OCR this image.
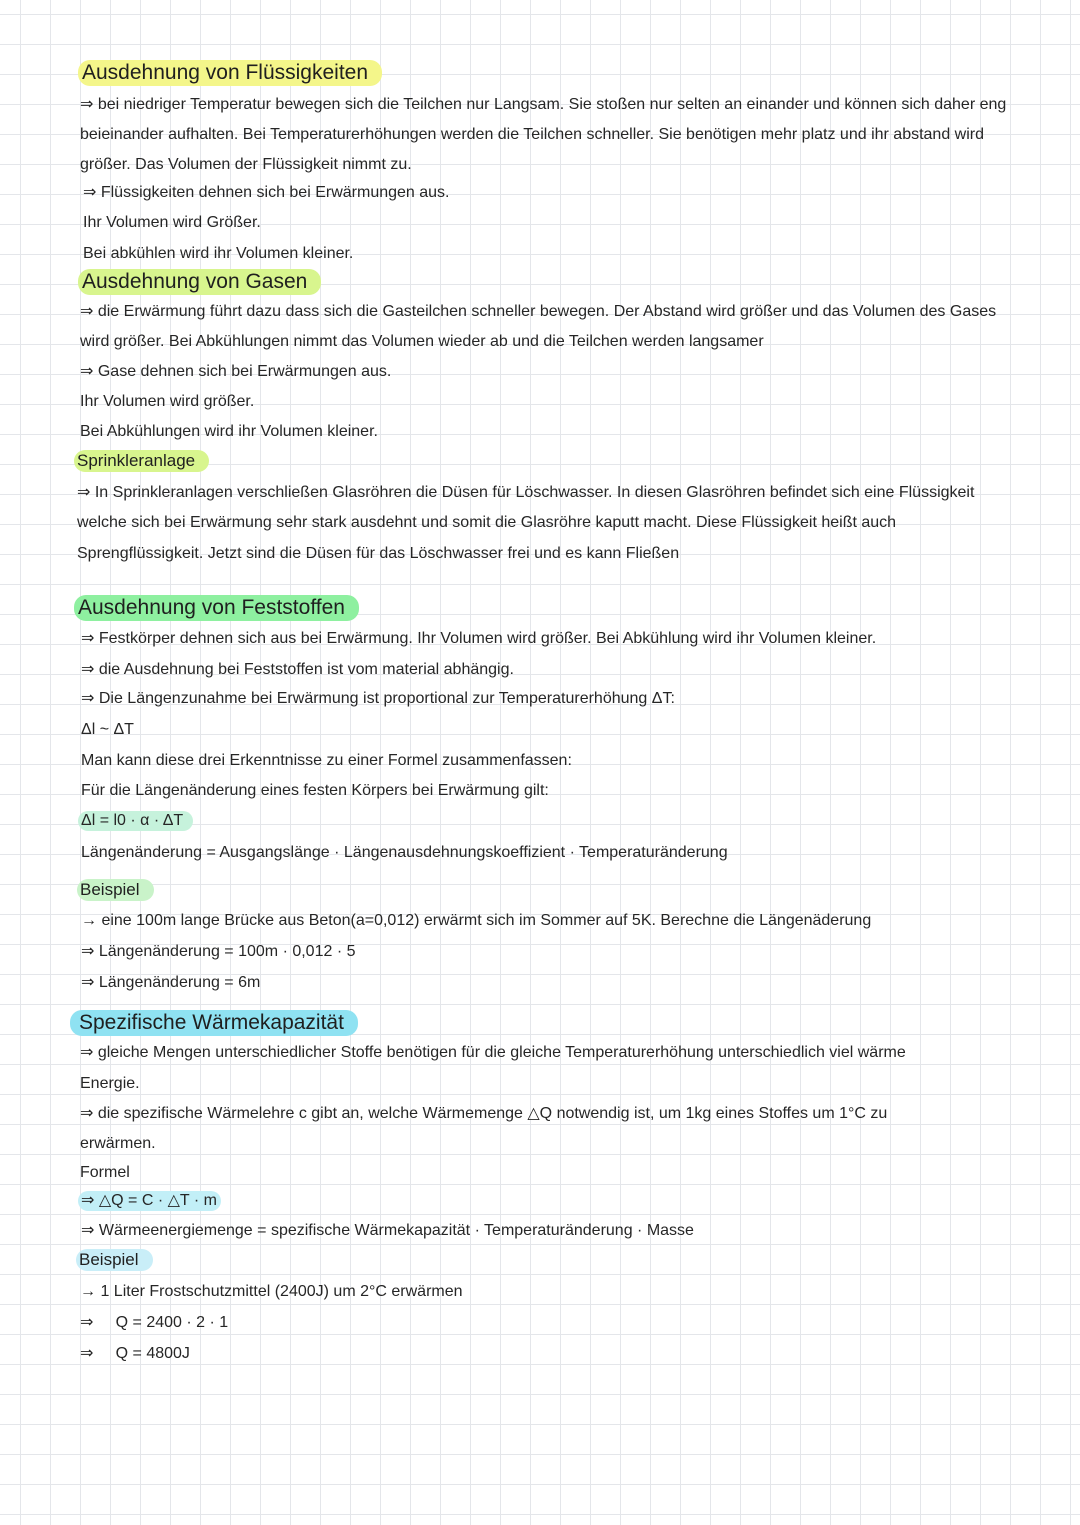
Ausdehnung von Flüssigkeiten
⇒ bei niedriger Temperatur bewegen sich die Teilchen nur Langsam. Sie stoßen nur selten an einander und können sich daher eng
beieinander aufhalten. Bei Temperaturerhöhungen werden die Teilchen schneller. Sie benötigen mehr platz und ihr abstand wird
größer. Das Volumen der Flüssigkeit nimmt zu.
⇒ Flüssigkeiten dehnen sich bei Erwärmungen aus.
Ihr Volumen wird Größer.
Bei abkühlen wird ihr Volumen kleiner.
Ausdehnung von Gasen
⇒ die Erwärmung führt dazu dass sich die Gasteilchen schneller bewegen. Der Abstand wird größer und das Volumen des Gases
wird größer. Bei Abkühlungen nimmt das Volumen wieder ab und die Teilchen werden langsamer
⇒ Gase dehnen sich bei Erwärmungen aus.
Ihr Volumen wird größer.
Bei Abkühlungen wird ihr Volumen kleiner.
Sprinkleranlage
⇒ In Sprinkleranlagen verschließen Glasröhren die Düsen für Löschwasser. In diesen Glasröhren befindet sich eine Flüssigkeit
welche sich bei Erwärmung sehr stark ausdehnt und somit die Glasröhre kaputt macht. Diese Flüssigkeit heißt auch
Sprengflüssigkeit. Jetzt sind die Düsen für das Löschwasser frei und es kann Fließen
Ausdehnung von Feststoffen
⇒ Festkörper dehnen sich aus bei Erwärmung. Ihr Volumen wird größer. Bei Abkühlung wird ihr Volumen kleiner.
⇒ die Ausdehnung bei Feststoffen ist vom material abhängig.
⇒ Die Längenzunahme bei Erwärmung ist proportional zur Temperaturerhöhung ΔT:
Δl ~ ΔT
Man kann diese drei Erkenntnisse zu einer Formel zusammenfassen:
Für die Längenänderung eines festen Körpers bei Erwärmung gilt:
Δl = l0 · α · ΔT
Längenänderung = Ausgangslänge · Längenausdehnungskoeffizient · Temperaturänderung
Beispiel
→ eine 100m lange Brücke aus Beton(a=0,012) erwärmt sich im Sommer auf 5K. Berechne die Längenäderung
⇒ Längenänderung = 100m · 0,012 · 5
⇒ Längenänderung = 6m
Spezifische Wärmekapazität
⇒ gleiche Mengen unterschiedlicher Stoffe benötigen für die gleiche Temperaturerhöhung unterschiedlich viel wärme
Energie.
⇒ die spezifische Wärmelehre c gibt an, welche Wärmemenge △Q notwendig ist, um 1kg eines Stoffes um 1°C zu
erwärmen.
Formel
⇒ △Q = C · △T · m
⇒ Wärmeenergiemenge = spezifische Wärmekapazität · Temperaturänderung · Masse
Beispiel
→ 1 Liter Frostschutzmittel (2400J) um 2°C erwärmen
⇒     Q = 2400 · 2 · 1
⇒     Q = 4800J
